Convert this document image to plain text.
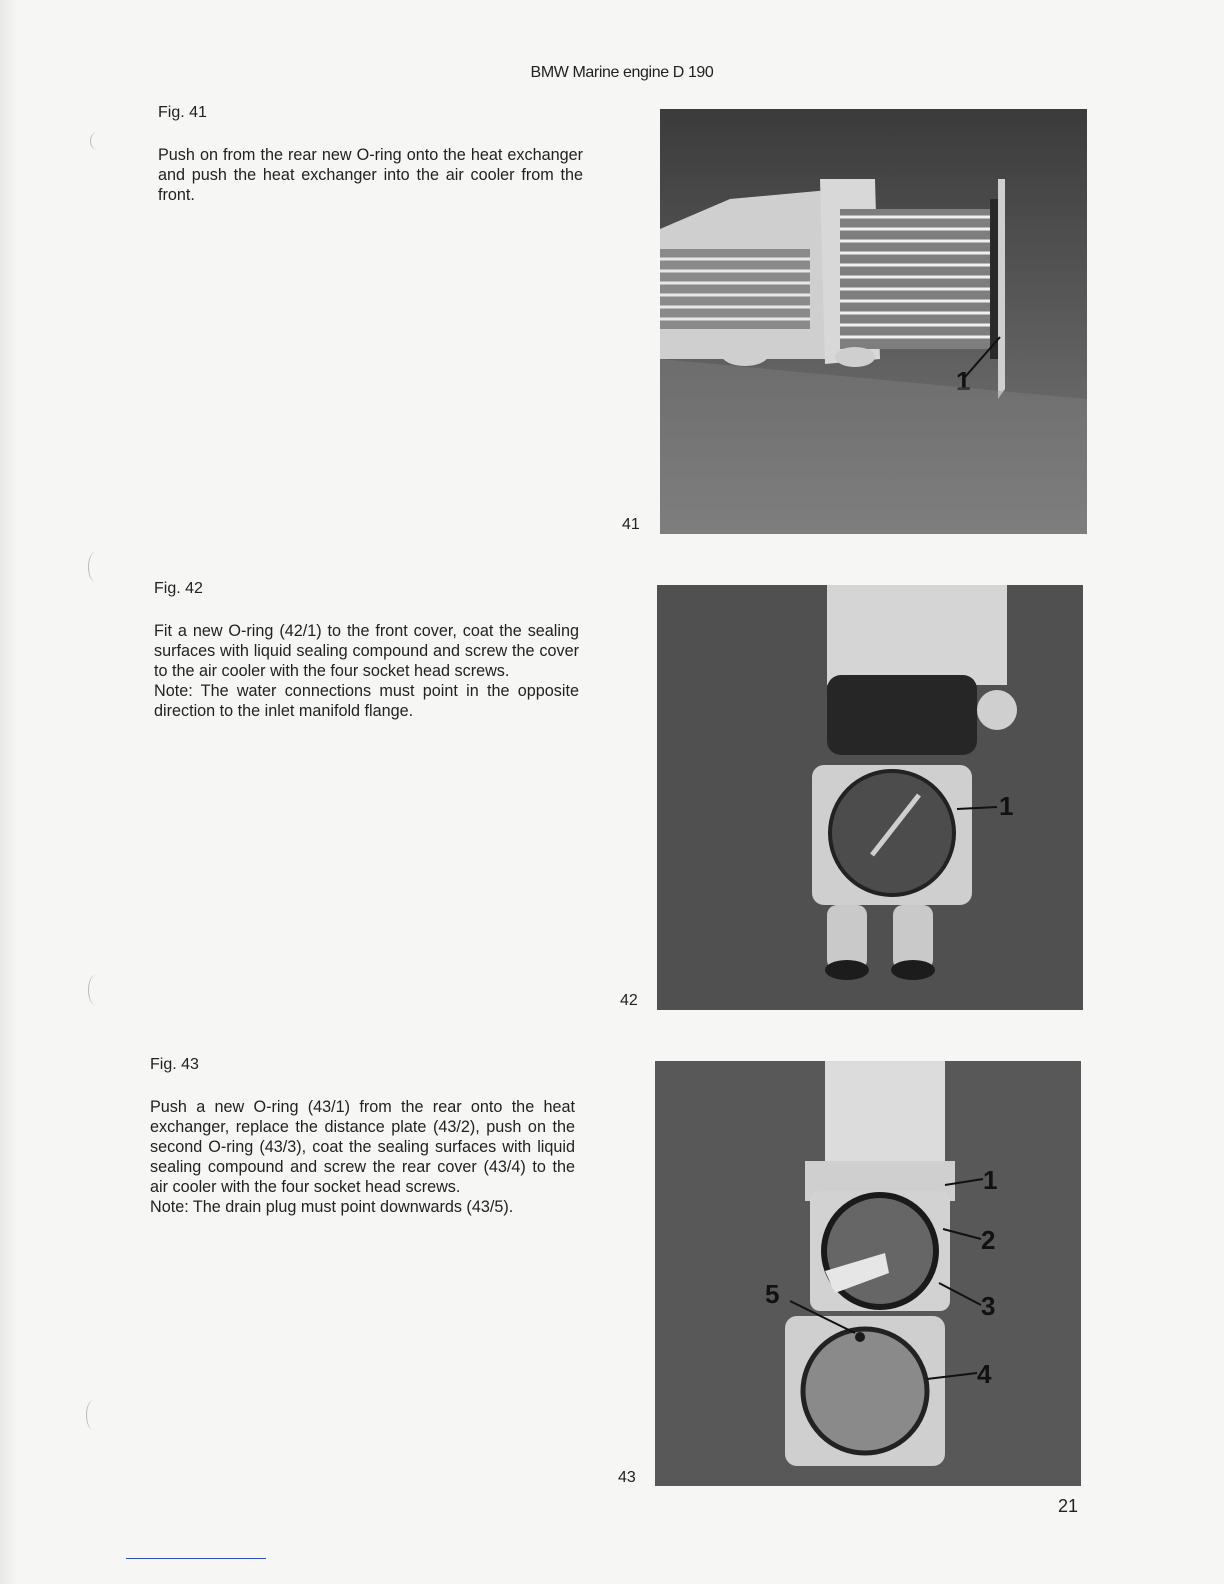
BMW Marine engine D 190
Fig. 41

Push on from the rear new O-ring onto the heat exchanger and push the heat exchanger into the air cooler from the front.

41
1
Fig. 42

Fit a new O-ring (42/1) to the front cover, coat the sealing surfaces with liquid sealing compound and screw the cover to the air cooler with the four socket head screws.

Note: The water connections must point in the opposite direction to the inlet manifold flange.

42
1
Fig. 43

Push a new O-ring (43/1) from the rear onto the heat exchanger, replace the distance plate (43/2), push on the second O-ring (43/3), coat the sealing surfaces with liquid sealing compound and screw the rear cover (43/4) to the air cooler with the four socket head screws.

Note: The drain plug must point downwards (43/5).

43
1
2
3
5
4
21
